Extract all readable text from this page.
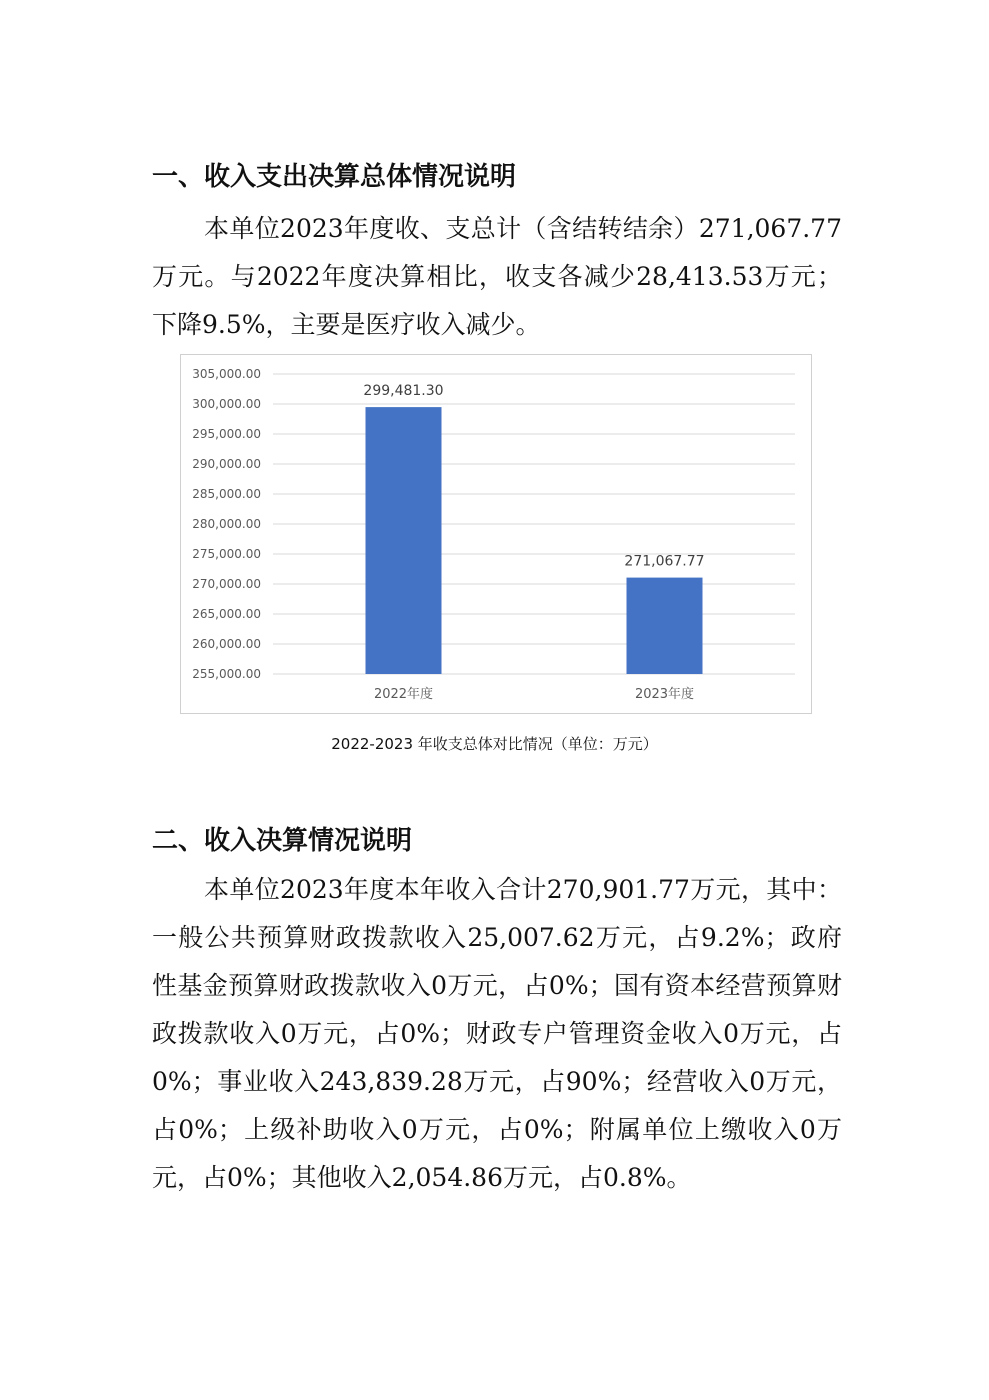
一、收入支出决算总体情况说明

本单位2023年度收、支总计（含结转结余）271,067.77万元。与2022年度决算相比，收支各减少28,413.53万元；下降9.5%，主要是医疗收入减少。

255,000.00
260,000.00
265,000.00
270,000.00
275,000.00
280,000.00
285,000.00
290,000.00
295,000.00
300,000.00
305,000.00
299,481.30
271,067.77
2022年度	2023年度

2022-2023 年收支总体对比情况（单位：万元）

二、收入决算情况说明

本单位2023年度本年收入合计270,901.77万元，其中：一般公共预算财政拨款收入25,007.62万元，占9.2%；政府性基金预算财政拨款收入0万元，占0%；国有资本经营预算财政拨款收入0万元，占0%；财政专户管理资金收入0万元，占0%；事业收入243,839.28万元，占90%；经营收入0万元，占0%；上级补助收入0万元，占0%；附属单位上缴收入0万元，占0%；其他收入2,054.86万元，占0.8%。
